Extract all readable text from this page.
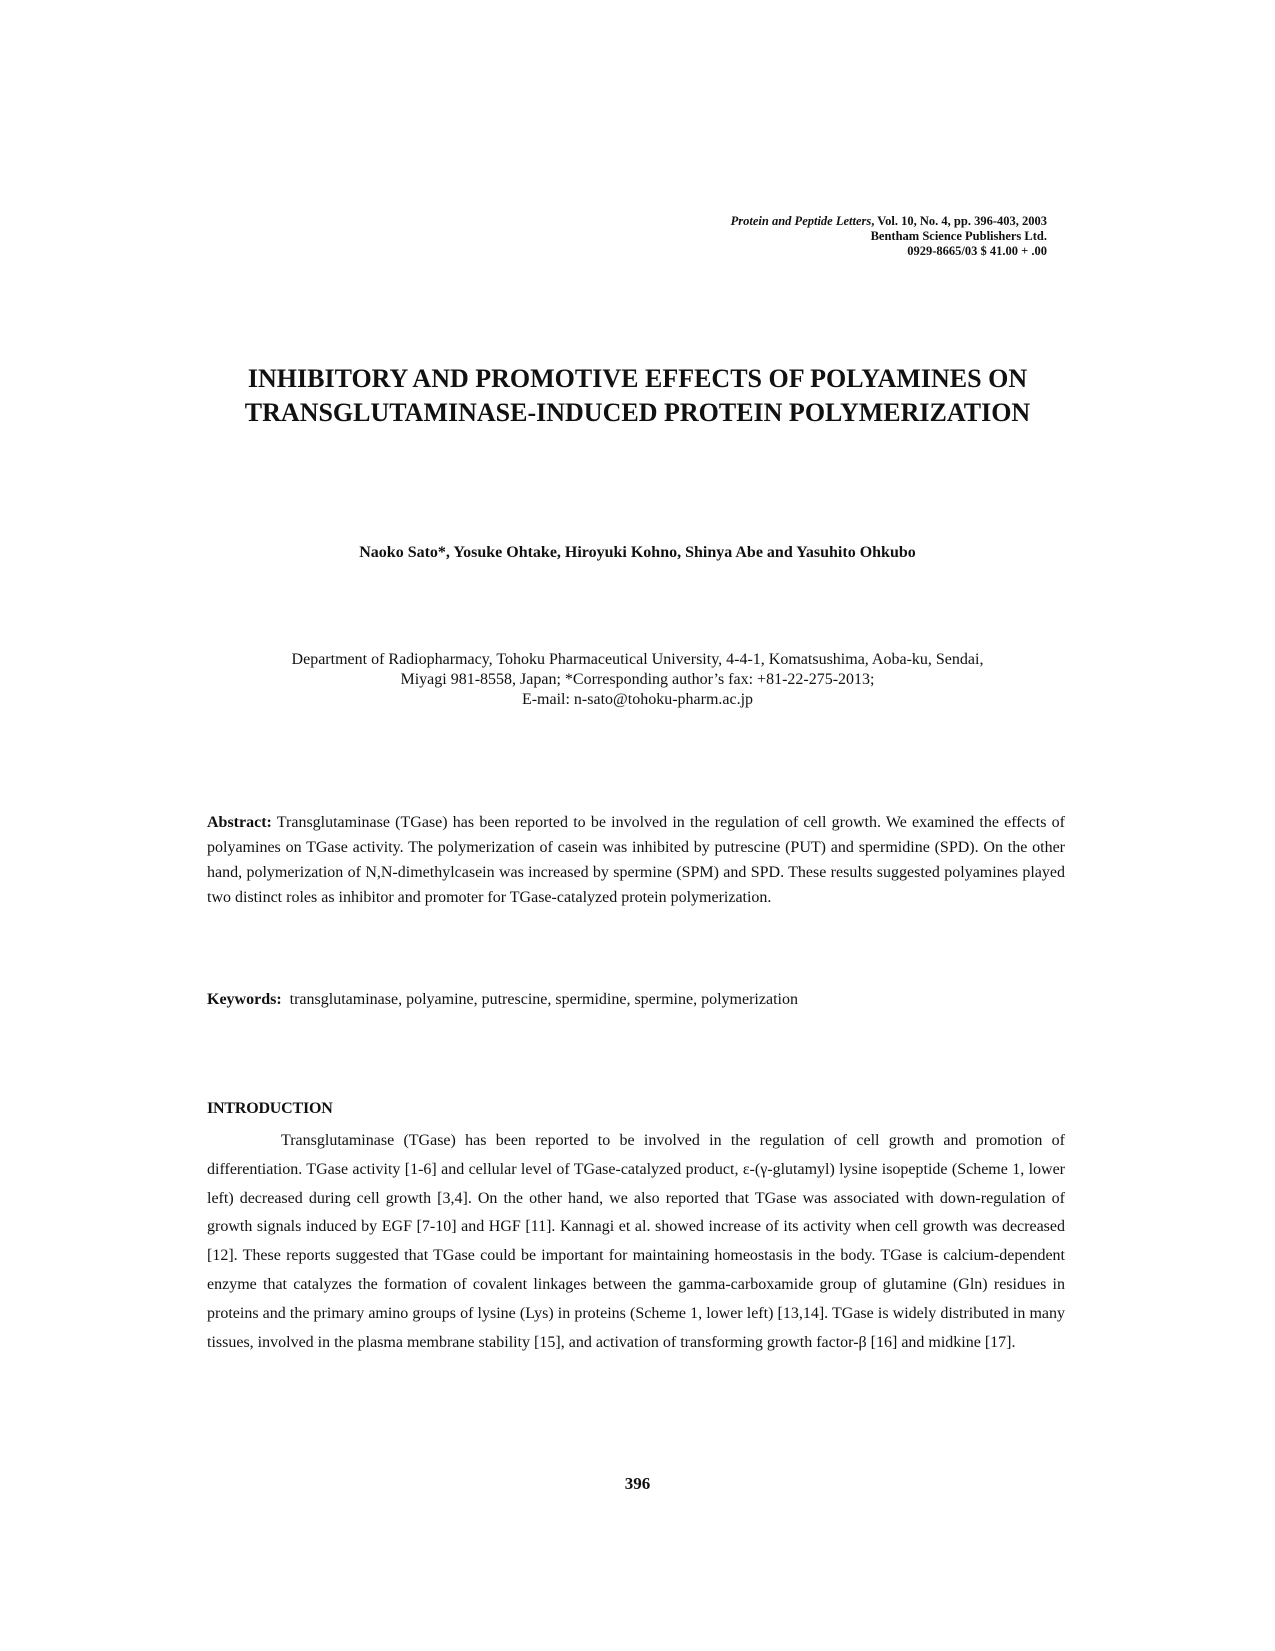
Protein and Peptide Letters, Vol. 10, No. 4, pp. 396-403, 2003
Bentham Science Publishers Ltd.
0929-8665/03 $ 41.00 + .00
INHIBITORY AND PROMOTIVE EFFECTS OF POLYAMINES ON TRANSGLUTAMINASE-INDUCED PROTEIN POLYMERIZATION

Naoko Sato*, Yosuke Ohtake, Hiroyuki Kohno, Shinya Abe and Yasuhito Ohkubo

Department of Radiopharmacy, Tohoku Pharmaceutical University, 4-4-1, Komatsushima, Aoba-ku, Sendai,
Miyagi 981-8558, Japan; *Corresponding author’s fax: +81-22-275-2013;
E-mail: n-sato@tohoku-pharm.ac.jp

Abstract: Transglutaminase (TGase) has been reported to be involved in the regulation of cell growth. We examined the effects of polyamines on TGase activity. The polymerization of casein was inhibited by putrescine (PUT) and spermidine (SPD). On the other hand, polymerization of N,N-dimethylcasein was increased by spermine (SPM) and SPD. These results suggested polyamines played two distinct roles as inhibitor and promoter for TGase-catalyzed protein polymerization.

Keywords: transglutaminase, polyamine, putrescine, spermidine, spermine, polymerization

INTRODUCTION

Transglutaminase (TGase) has been reported to be involved in the regulation of cell growth and promotion of differentiation. TGase activity [1-6] and cellular level of TGase-catalyzed product, ε-(γ-glutamyl) lysine isopeptide (Scheme 1, lower left) decreased during cell growth [3,4]. On the other hand, we also reported that TGase was associated with down-regulation of growth signals induced by EGF [7-10] and HGF [11]. Kannagi et al. showed increase of its activity when cell growth was decreased [12]. These reports suggested that TGase could be important for maintaining homeostasis in the body. TGase is calcium-dependent enzyme that catalyzes the formation of covalent linkages between the gamma-carboxamide group of glutamine (Gln) residues in proteins and the primary amino groups of lysine (Lys) in proteins (Scheme 1, lower left) [13,14]. TGase is widely distributed in many tissues, involved in the plasma membrane stability [15], and activation of transforming growth factor-β [16] and midkine [17].

396
